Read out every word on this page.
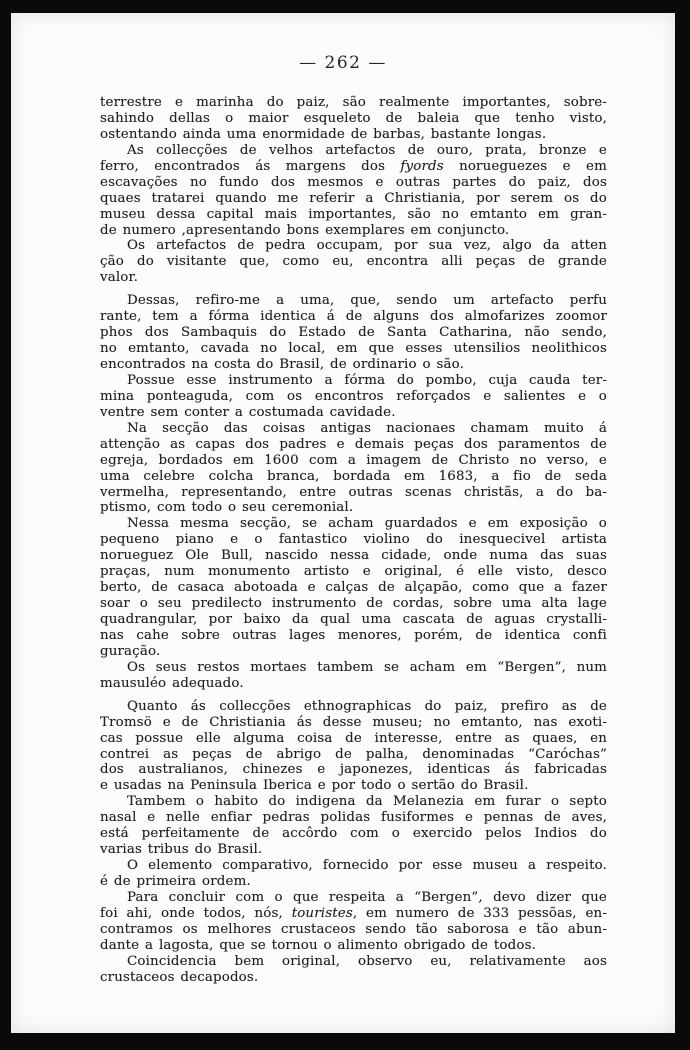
— 262 —
terrestre e marinha do paiz, são realmente importantes, sobre-
sahindo dellas o maior esqueleto de baleia que tenho visto,
ostentando ainda uma enormidade de barbas, bastante longas.
As collecções de velhos artefactos de ouro, prata, bronze e
ferro, encontrados ás margens dos fyords norueguezes e em
escavações no fundo dos mesmos e outras partes do paiz, dos
quaes tratarei quando me referir a Christiania, por serem os do
museu dessa capital mais importantes, são no emtanto em gran-
de numero ,apresentando bons exemplares em conjuncto.
Os artefactos de pedra occupam, por sua vez, algo da atten
ção do visitante que, como eu, encontra alli peças de grande
valor.
Dessas, refiro-me a uma, que, sendo um artefacto perfu
rante, tem a fórma identica á de alguns dos almofarizes zoomor
phos dos Sambaquis do Estado de Santa Catharina, não sendo,
no emtanto, cavada no local, em que esses utensilios neolithicos
encontrados na costa do Brasil, de ordinario o são.
Possue esse instrumento a fórma do pombo, cuja cauda ter-
mina ponteaguda, com os encontros reforçados e salientes e o
ventre sem conter a costumada cavidade.
Na secção das coisas antigas nacionaes chamam muito á
attenção as capas dos padres e demais peças dos paramentos de
egreja, bordados em 1600 com a imagem de Christo no verso, e
uma celebre colcha branca, bordada em 1683, a fio de seda
vermelha, representando, entre outras scenas christãs, a do ba-
ptismo, com todo o seu ceremonial.
Nessa mesma secção, se acham guardados e em exposição o
pequeno piano e o fantastico violino do inesquecivel artista
norueguez Ole Bull, nascido nessa cidade, onde numa das suas
praças, num monumento artisto e original, é elle visto, desco
berto, de casaca abotoada e calças de alçapão, como que a fazer
soar o seu predilecto instrumento de cordas, sobre uma alta lage
quadrangular, por baixo da qual uma cascata de aguas crystalli-
nas cahe sobre outras lages menores, porém, de identica confi
guração.
Os seus restos mortaes tambem se acham em “Bergen”, num
mausuléo adequado.
Quanto ás collecções ethnographicas do paiz, prefiro as de
Tromsö e de Christiania ás desse museu; no emtanto, nas exoti-
cas possue elle alguma coisa de interesse, entre as quaes, en
contrei as peças de abrigo de palha, denominadas “Caróchas”
dos australianos, chinezes e japonezes, identicas ás fabricadas
e usadas na Peninsula Iberica e por todo o sertão do Brasil.
Tambem o habito do indigena da Melanezia em furar o septo
nasal e nelle enfiar pedras polidas fusiformes e pennas de aves,
está perfeitamente de accôrdo com o exercido pelos Indios do
varias tribus do Brasil.
O elemento comparativo, fornecido por esse museu a respeito.
é de primeira ordem.
Para concluir com o que respeita a “Bergen”, devo dizer que
foi ahi, onde todos, nós, touristes, em numero de 333 pessõas, en-
contramos os melhores crustaceos sendo tão saborosa e tão abun-
dante a lagosta, que se tornou o alimento obrigado de todos.
Coincidencia bem original, observo eu, relativamente aos
crustaceos decapodos.
